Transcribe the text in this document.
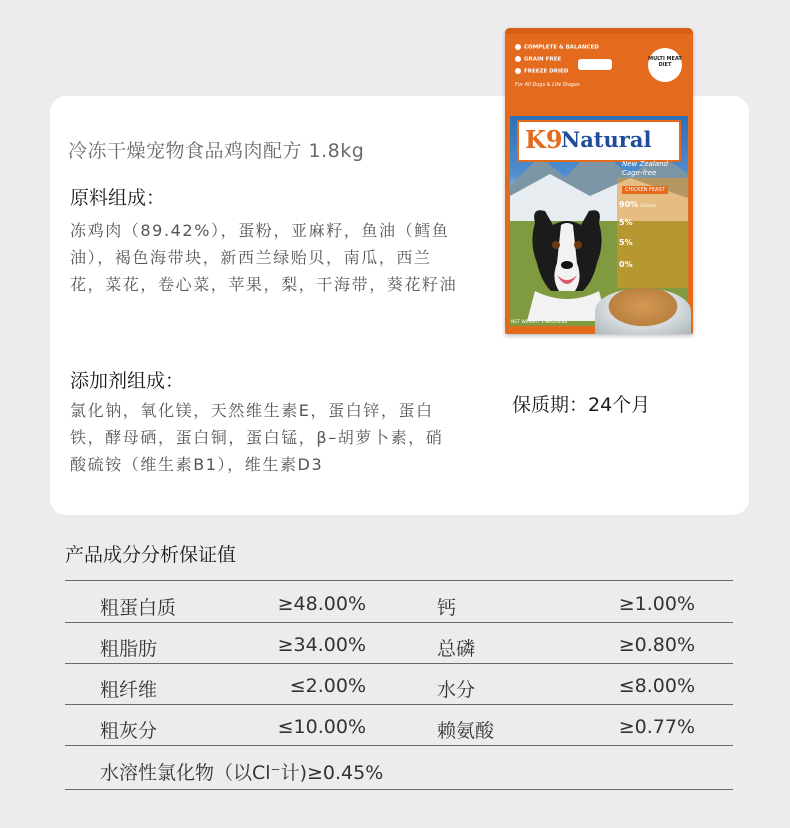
冷冻干燥宠物食品鸡肉配方 1.8kg
原料组成：
冻鸡肉（89.42%），蛋粉，亚麻籽，鱼油（鳕鱼油），褐色海带块，新西兰绿贻贝，南瓜，西兰花，菜花，卷心菜，苹果，梨，干海带，葵花籽油
添加剂组成：
氯化钠，氧化镁，天然维生素E，蛋白锌，蛋白铁，酵母硒，蛋白铜，蛋白锰，β–胡萝卜素，硝酸硫铵（维生素B1），维生素D3
保质期：24个月
COMPLETE & BALANCED
GRAIN FREE
FREEZE DRIED
MULTI MEAT DIET
For All Dogs & Life Stages
K9
Natural
New Zealand Cage-free
CHICKEN FEAST
90% Chicken
5%
5%
0%
NET WEIGHT 1.8KG/4LBS
产品成分分析保证值
粗蛋白质	≥48.00%	钙	≥1.00%
粗脂肪	≥34.00%	总磷	≥0.80%
粗纤维	≤2.00%	水分	≤8.00%
粗灰分	≤10.00%	赖氨酸	≥0.77%
水溶性氯化物（以Cl⁻计)≥0.45%
